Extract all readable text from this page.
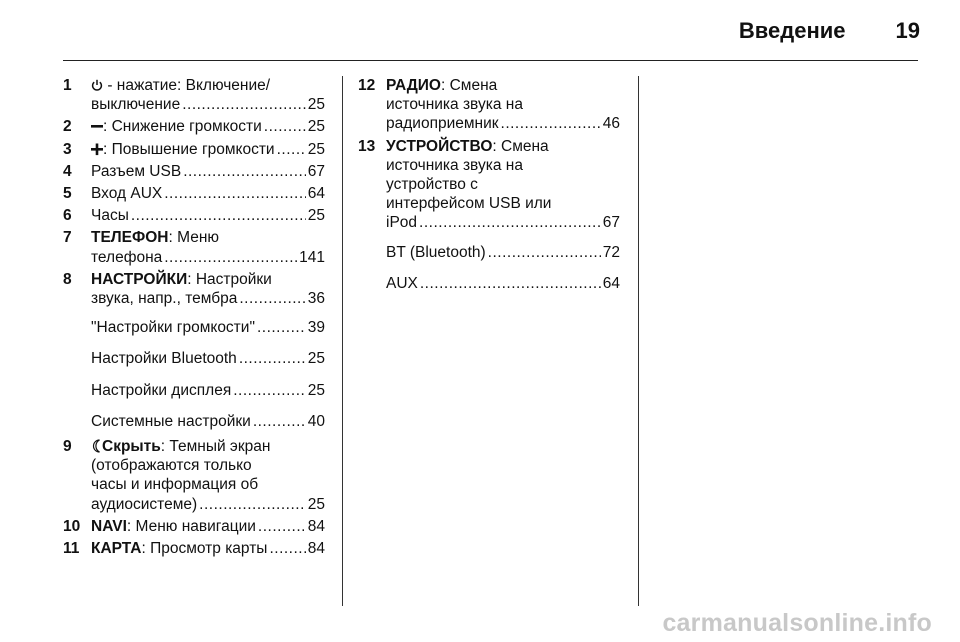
Введение 19
1	- нажатие: Включение/
выключение .....	25
2	: Снижение громкости .....	25
3	: Повышение громкости ..... 25
4	Разъем USB .....	67
5	Вход AUX .....	64
6	Часы .....	25
7	ТЕЛЕФОН: Меню
телефона .....	141
8	НАСТРОЙКИ: Настройки
звука, напр., тембра .....	36
"Настройки громкости" .....	39
Настройки Bluetooth .....	25
Настройки дисплея .....	25
Системные настройки .....	40
9	Скрыть: Темный экран
(отображаются только
часы и информация об
аудиосистеме) .....	25
10 NAVI : Меню навигации .....	84
11 КАРТА : Просмотр карты .....	84
12 РАДИО: Смена
источника звука на
радиоприемник .....	46
13 УСТРОЙСТВО: Смена
источника звука на
устройство с
интерфейсом USB или
iPod .....	67
BT (Bluetooth) .....	72
AUX .....	64
carmanualsonline.info
